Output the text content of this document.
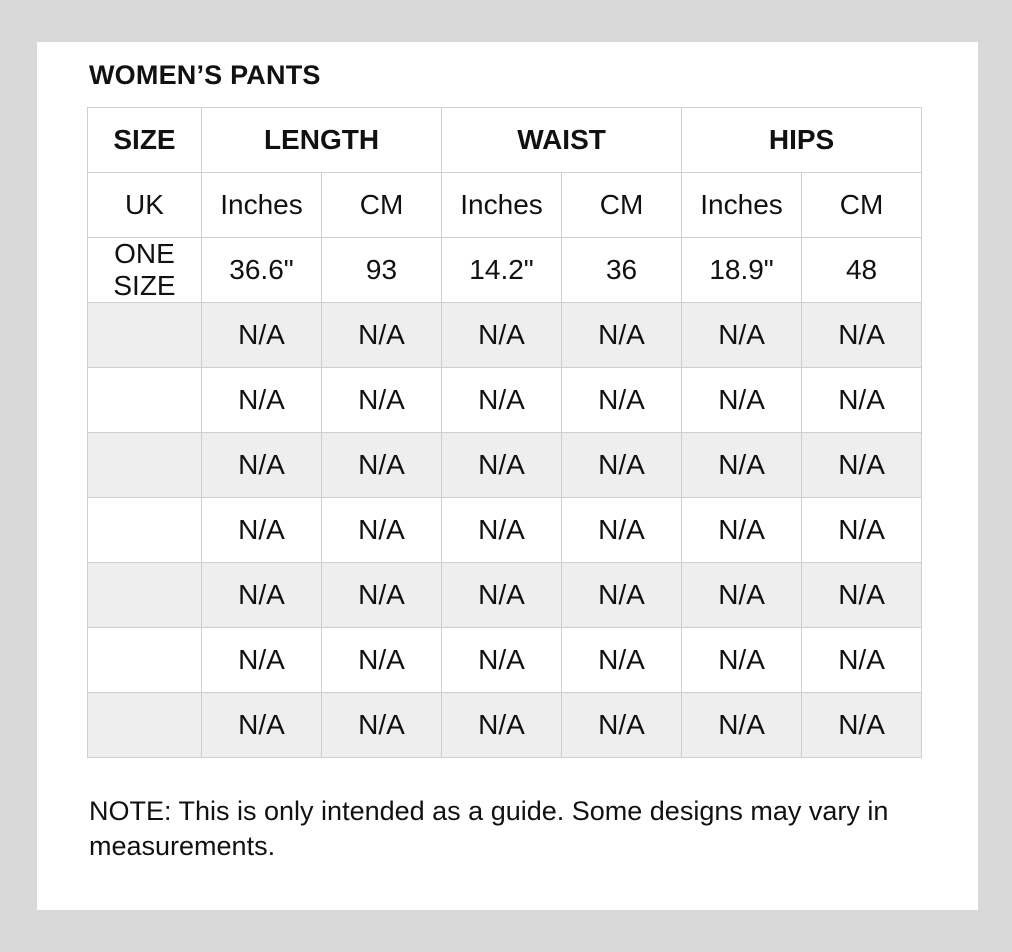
WOMEN’S PANTS
SIZE	LENGTH		WAIST		HIPS	
UK	Inches	CM	Inches	CM	Inches	CM
ONE SIZE	36.6"	93	14.2"	36	18.9"	48
	N/A	N/A	N/A	N/A	N/A	N/A
	N/A	N/A	N/A	N/A	N/A	N/A
	N/A	N/A	N/A	N/A	N/A	N/A
	N/A	N/A	N/A	N/A	N/A	N/A
	N/A	N/A	N/A	N/A	N/A	N/A
	N/A	N/A	N/A	N/A	N/A	N/A
	N/A	N/A	N/A	N/A	N/A	N/A
NOTE: This is only intended as a guide. Some designs may vary in measurements.
